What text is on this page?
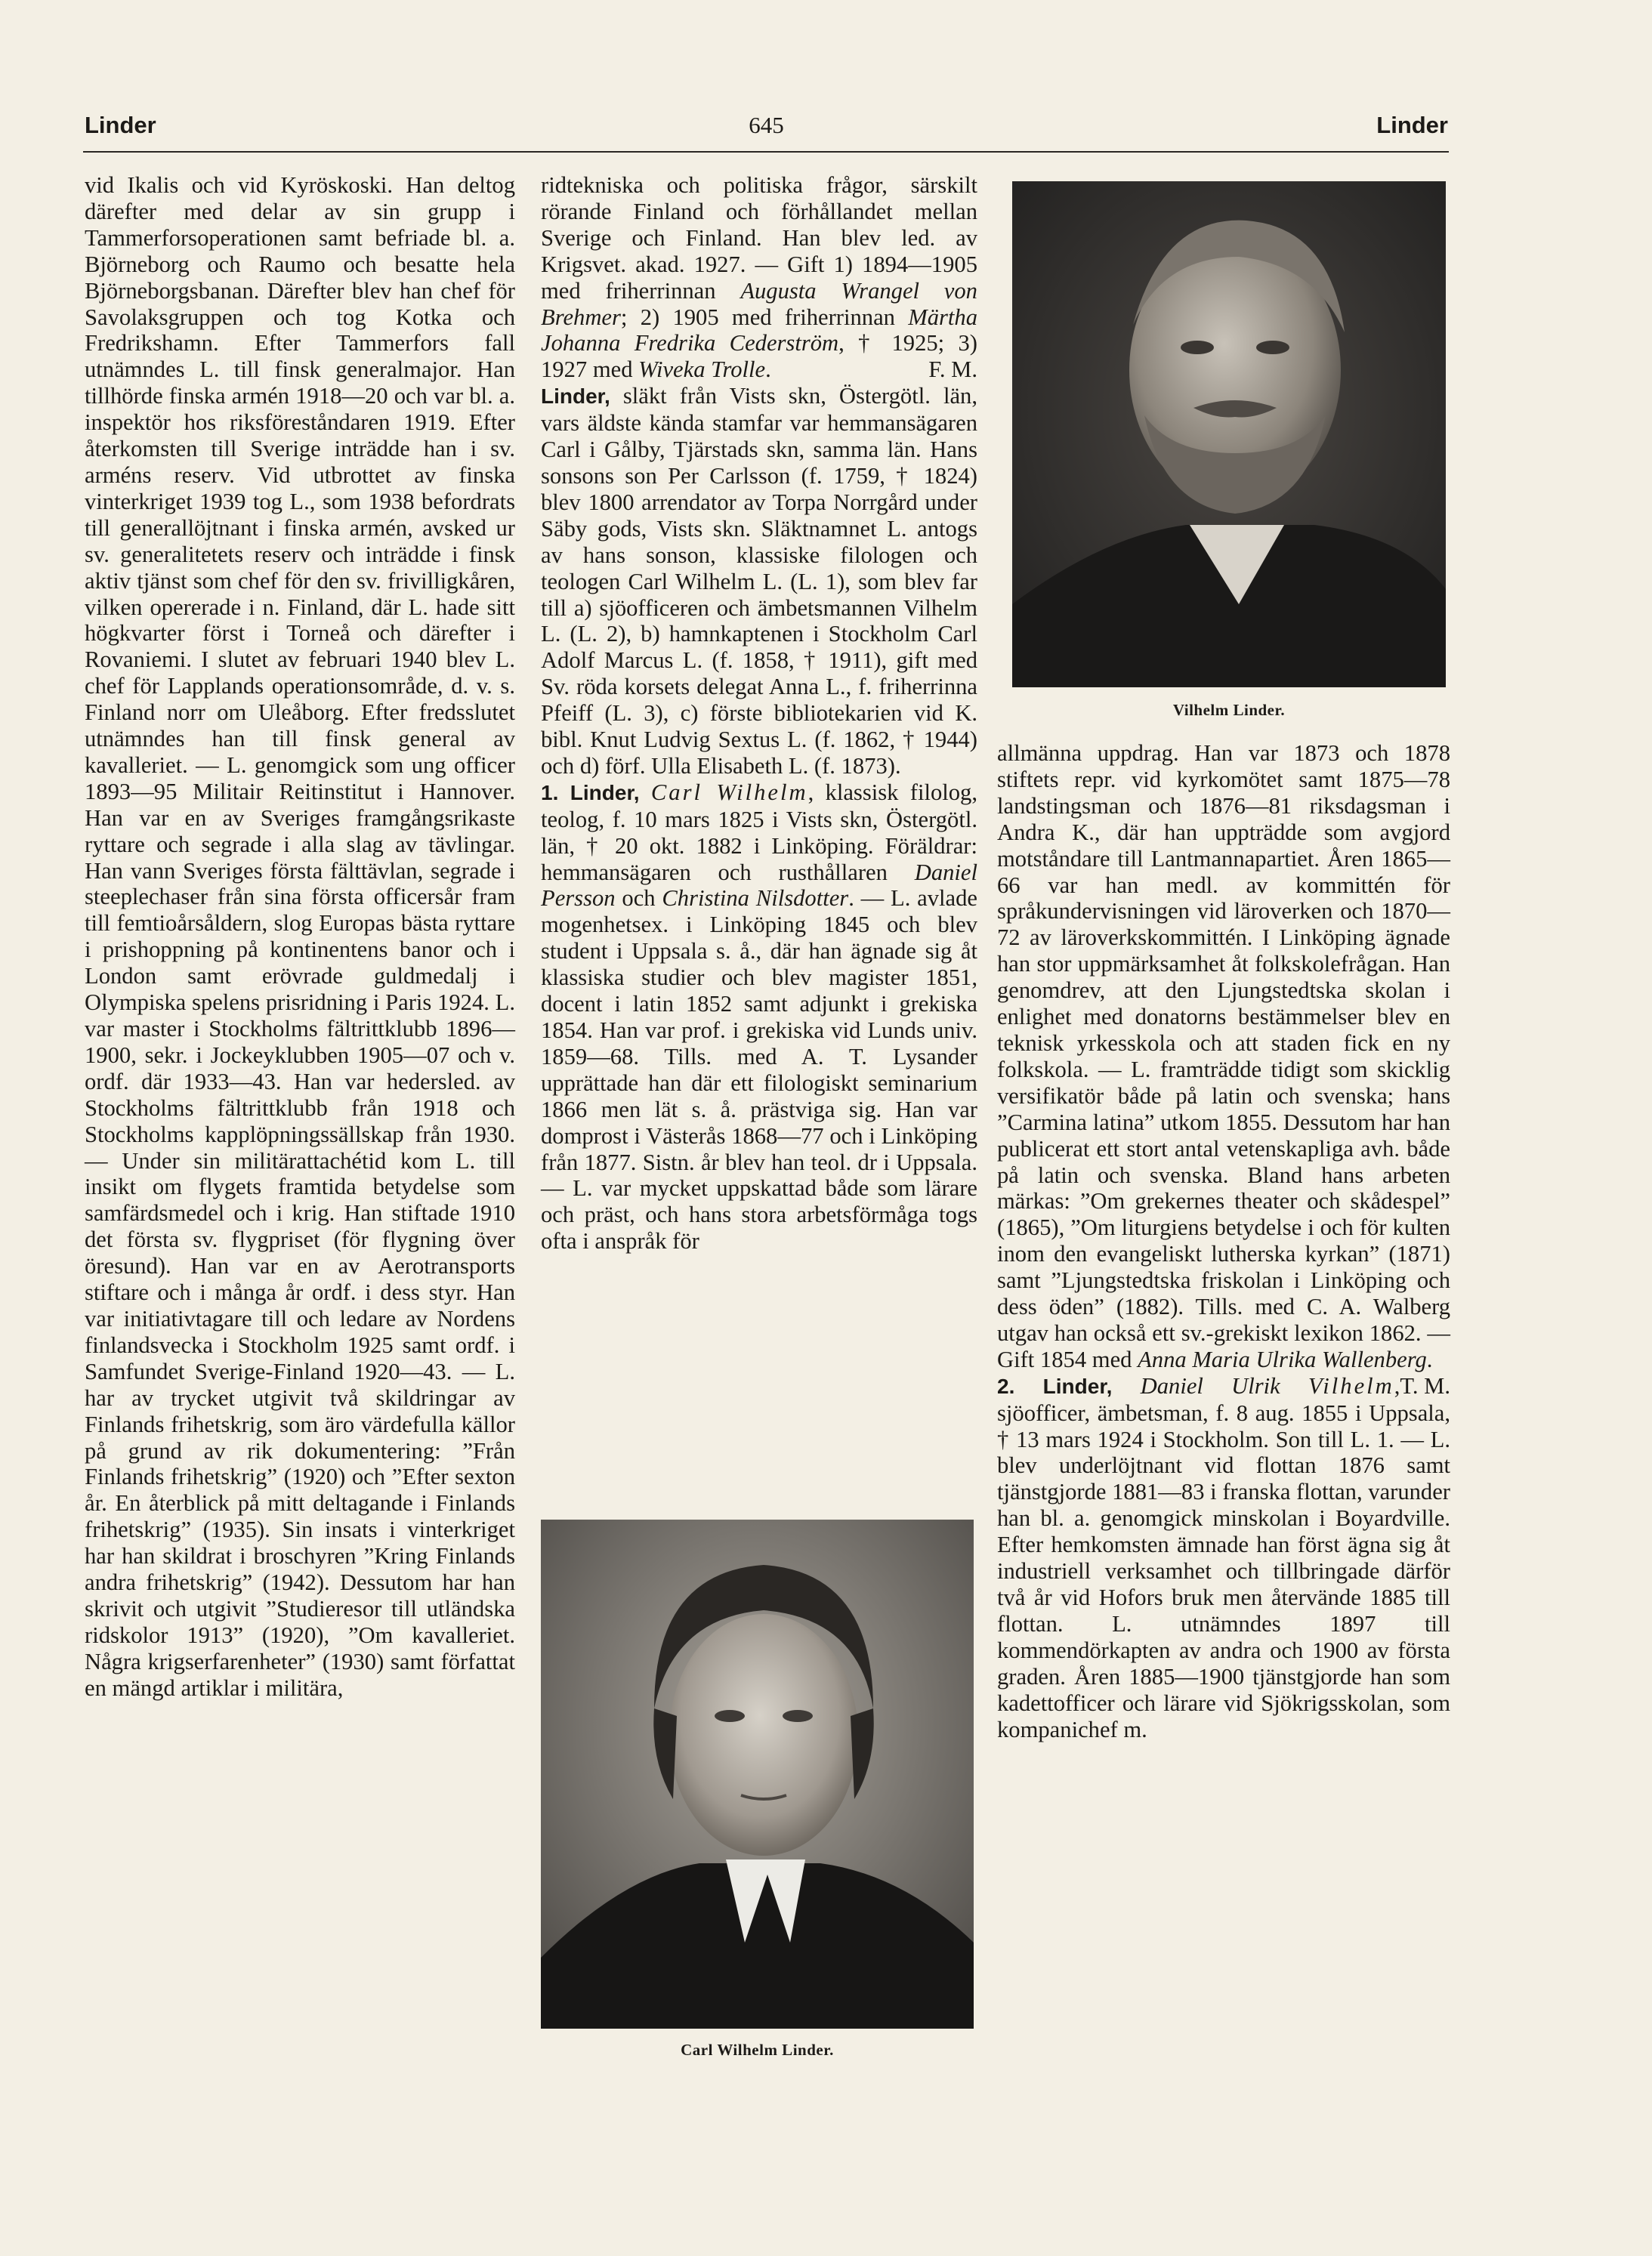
Linder	645	Linder

vid Ikalis och vid Kyröskoski. Han deltog därefter med delar av sin grupp i Tammerforsoperationen samt befriade bl. a. Björneborg och Raumo och besatte hela Björneborgsbanan. Därefter blev han chef för Savolaksgruppen och tog Kotka och Fredrikshamn. Efter Tammerfors fall utnämndes L. till finsk generalmajor. Han tillhörde finska armén 1918—20 och var bl. a. inspektör hos riksföreståndaren 1919. Efter återkomsten till Sverige inträdde han i sv. arméns reserv. Vid utbrottet av finska vinterkriget 1939 tog L., som 1938 befordrats till generallöjtnant i finska armén, avsked ur sv. generalitetets reserv och inträdde i finsk aktiv tjänst som chef för den sv. frivilligkåren, vilken opererade i n. Finland, där L. hade sitt högkvarter först i Torneå och därefter i Rovaniemi. I slutet av februari 1940 blev L. chef för Lapplands operationsområde, d. v. s. Finland norr om Uleåborg. Efter fredsslutet utnämndes han till finsk general av kavalleriet. — L. genomgick som ung officer 1893—95 Militair Reitinstitut i Hannover. Han var en av Sveriges framgångsrikaste ryttare och segrade i alla slag av tävlingar. Han vann Sveriges första fälttävlan, segrade i steeplechaser från sina första officersår fram till femtioårsåldern, slog Europas bästa ryttare i prishoppning på kontinentens banor och i London samt erövrade guldmedalj i Olympiska spelens prisridning i Paris 1924. L. var master i Stockholms fältrittklubb 1896—1900, sekr. i Jockeyklubben 1905—07 och v. ordf. där 1933—43. Han var hedersled. av Stockholms fältrittklubb från 1918 och Stockholms kapplöpningssällskap från 1930. — Under sin militärattachétid kom L. till insikt om flygets framtida betydelse som samfärdsmedel och i krig. Han stiftade 1910 det första sv. flygpriset (för flygning över öresund). Han var en av Aerotransports stiftare och i många år ordf. i dess styr. Han var initiativtagare till och ledare av Nordens finlandsvecka i Stockholm 1925 samt ordf. i Samfundet Sverige-Finland 1920—43. — L. har av trycket utgivit två skildringar av Finlands frihetskrig, som äro värdefulla källor på grund av rik dokumentering: ”Från Finlands frihetskrig” (1920) och ”Efter sexton år. En återblick på mitt deltagande i Finlands frihetskrig” (1935). Sin insats i vinterkriget har han skildrat i broschyren ”Kring Finlands andra frihetskrig” (1942). Dessutom har han skrivit och utgivit ”Studieresor till utländska ridskolor 1913” (1920), ”Om kavalleriet. Några krigserfarenheter” (1930) samt författat en mängd artiklar i militära,

ridtekniska och politiska frågor, särskilt rörande Finland och förhållandet mellan Sverige och Finland. Han blev led. av Krigsvet. akad. 1927. — Gift 1) 1894—1905 med friherrinnan Augusta Wrangel von Brehmer; 2) 1905 med friherrinnan Märtha Johanna Fredrika Cederström, † 1925; 3) 1927 med Wiveka Trolle.	F. M.

Linder, släkt från Vists skn, Östergötl. län, vars äldste kända stamfar var hemmansägaren Carl i Gålby, Tjärstads skn, samma län. Hans sonsons son Per Carlsson (f. 1759, † 1824) blev 1800 arrendator av Torpa Norrgård under Säby gods, Vists skn. Släktnamnet L. antogs av hans sonson, klassiske filologen och teologen Carl Wilhelm L. (L. 1), som blev far till a) sjöofficeren och ämbetsmannen Vilhelm L. (L. 2), b) hamnkaptenen i Stockholm Carl Adolf Marcus L. (f. 1858, † 1911), gift med Sv. röda korsets delegat Anna L., f. friherrinna Pfeiff (L. 3), c) förste bibliotekarien vid K. bibl. Knut Ludvig Sextus L. (f. 1862, † 1944) och d) förf. Ulla Elisabeth L. (f. 1873).

1. Linder, Carl Wilhelm, klassisk filolog, teolog, f. 10 mars 1825 i Vists skn, Östergötl. län, † 20 okt. 1882 i Linköping. Föräldrar: hemmansägaren och rusthållaren Daniel Persson och Christina Nilsdotter. — L. avlade mogenhetsex. i Linköping 1845 och blev student i Uppsala s. å., där han ägnade sig åt klassiska studier och blev magister 1851, docent i latin 1852 samt adjunkt i grekiska 1854. Han var prof. i grekiska vid Lunds univ. 1859—68. Tills. med A. T. Lysander upprättade han där ett filologiskt seminarium 1866 men lät s. å. prästviga sig. Han var domprost i Västerås 1868—77 och i Linköping från 1877. Sistn. år blev han teol. dr i Uppsala. — L. var mycket uppskattad både som lärare och präst, och hans stora arbetsförmåga togs ofta i anspråk för

Vilhelm Linder.
Carl Wilhelm Linder.

allmänna uppdrag. Han var 1873 och 1878 stiftets repr. vid kyrkomötet samt 1875—78 landstingsman och 1876—81 riksdagsman i Andra K., där han uppträdde som avgjord motståndare till Lantmannapartiet. Åren 1865—66 var han medl. av kommittén för språkundervisningen vid läroverken och 1870—72 av läroverkskommittén. I Linköping ägnade han stor uppmärksamhet åt folkskolefrågan. Han genomdrev, att den Ljungstedtska skolan i enlighet med donatorns bestämmelser blev en teknisk yrkesskola och att staden fick en ny folkskola. — L. framträdde tidigt som skicklig versifikatör både på latin och svenska; hans ”Carmina latina” utkom 1855. Dessutom har han publicerat ett stort antal vetenskapliga avh. både på latin och svenska. Bland hans arbeten märkas: ”Om grekernes theater och skådespel” (1865), ”Om liturgiens betydelse i och för kulten inom den evangeliskt lutherska kyrkan” (1871) samt ”Ljungstedtska friskolan i Linköping och dess öden” (1882). Tills. med C. A. Walberg utgav han också ett sv.-grekiskt lexikon 1862. — Gift 1854 med Anna Maria Ulrika Wallenberg.
T. M.

2. Linder, Daniel Ulrik Vilhelm, sjöofficer, ämbetsman, f. 8 aug. 1855 i Uppsala, † 13 mars 1924 i Stockholm. Son till L. 1. — L. blev underlöjtnant vid flottan 1876 samt tjänstgjorde 1881—83 i franska flottan, varunder han bl. a. genomgick minskolan i Boyardville. Efter hemkomsten ämnade han först ägna sig åt industriell verksamhet och tillbringade därför två år vid Hofors bruk men återvände 1885 till flottan. L. utnämndes 1897 till kommendörkapten av andra och 1900 av första graden. Åren 1885—1900 tjänstgjorde han som kadettofficer och lärare vid Sjökrigsskolan, som kompanichef m.
